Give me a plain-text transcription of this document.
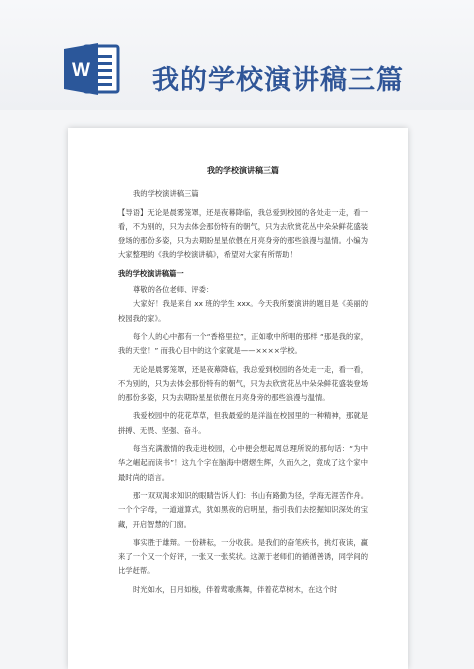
W 我的学校演讲稿三篇
我的学校演讲稿三篇

我的学校演讲稿三篇

【导语】无论是晨雾笼罩，还是夜幕降临，我总爱到校园的各处走一走，看一看，不为别的，只为去体会那份特有的朝气，只为去欣赏花丛中朵朵鲜花盛装登场的那份多姿，只为去期盼星星依偎在月亮身旁的那些浪漫与温情。小编为大家整理的《我的学校演讲稿》，希望对大家有所帮助！

我的学校演讲稿篇一

尊敬的各位老师、评委：

大家好！我是来自 xx 班的学生 xxx。今天我所要演讲的题目是《美丽的校园我的家》。

每个人的心中都有一个“香格里拉”，正如歌中所唱的那样 “那是我的家，我的天堂！” 而我心目中的这个家就是——××××学校。

无论是晨雾笼罩，还是夜幕降临，我总爱到校园的各处走一走，看一看，不为别的，只为去体会那份特有的朝气，只为去欣赏花丛中朵朵鲜花盛装登场的那份多姿，只为去期盼星星依偎在月亮身旁的那些浪漫与温情。

我爱校园中的花花草草，但我最爱的是洋溢在校园里的一种精神，那就是拼搏、无畏、坚强、奋斗。

每当充满激情的我走进校园，心中便会想起周总理所说的那句话：“为中华之崛起而读书”！这九个字在脑海中熠熠生辉，久而久之，竟成了这个家中最时尚的语言。

那一双双渴求知识的眼睛告诉人们：书山有路勤为径，学海无涯苦作舟。一个个字母，一道道算式，犹如黑夜的启明星，指引我们去挖掘知识深处的宝藏，开启智慧的门窗。

事实胜于雄辩。一份耕耘，一分收获。是我们的奋笔疾书，挑灯夜读，赢来了一个又一个好评，一张又一张奖状。这源于老师们的循循善诱，同学间的比学赶帮。

时光如水，日月如梭，伴着莺歌燕舞，伴着花草树木，在这个时
